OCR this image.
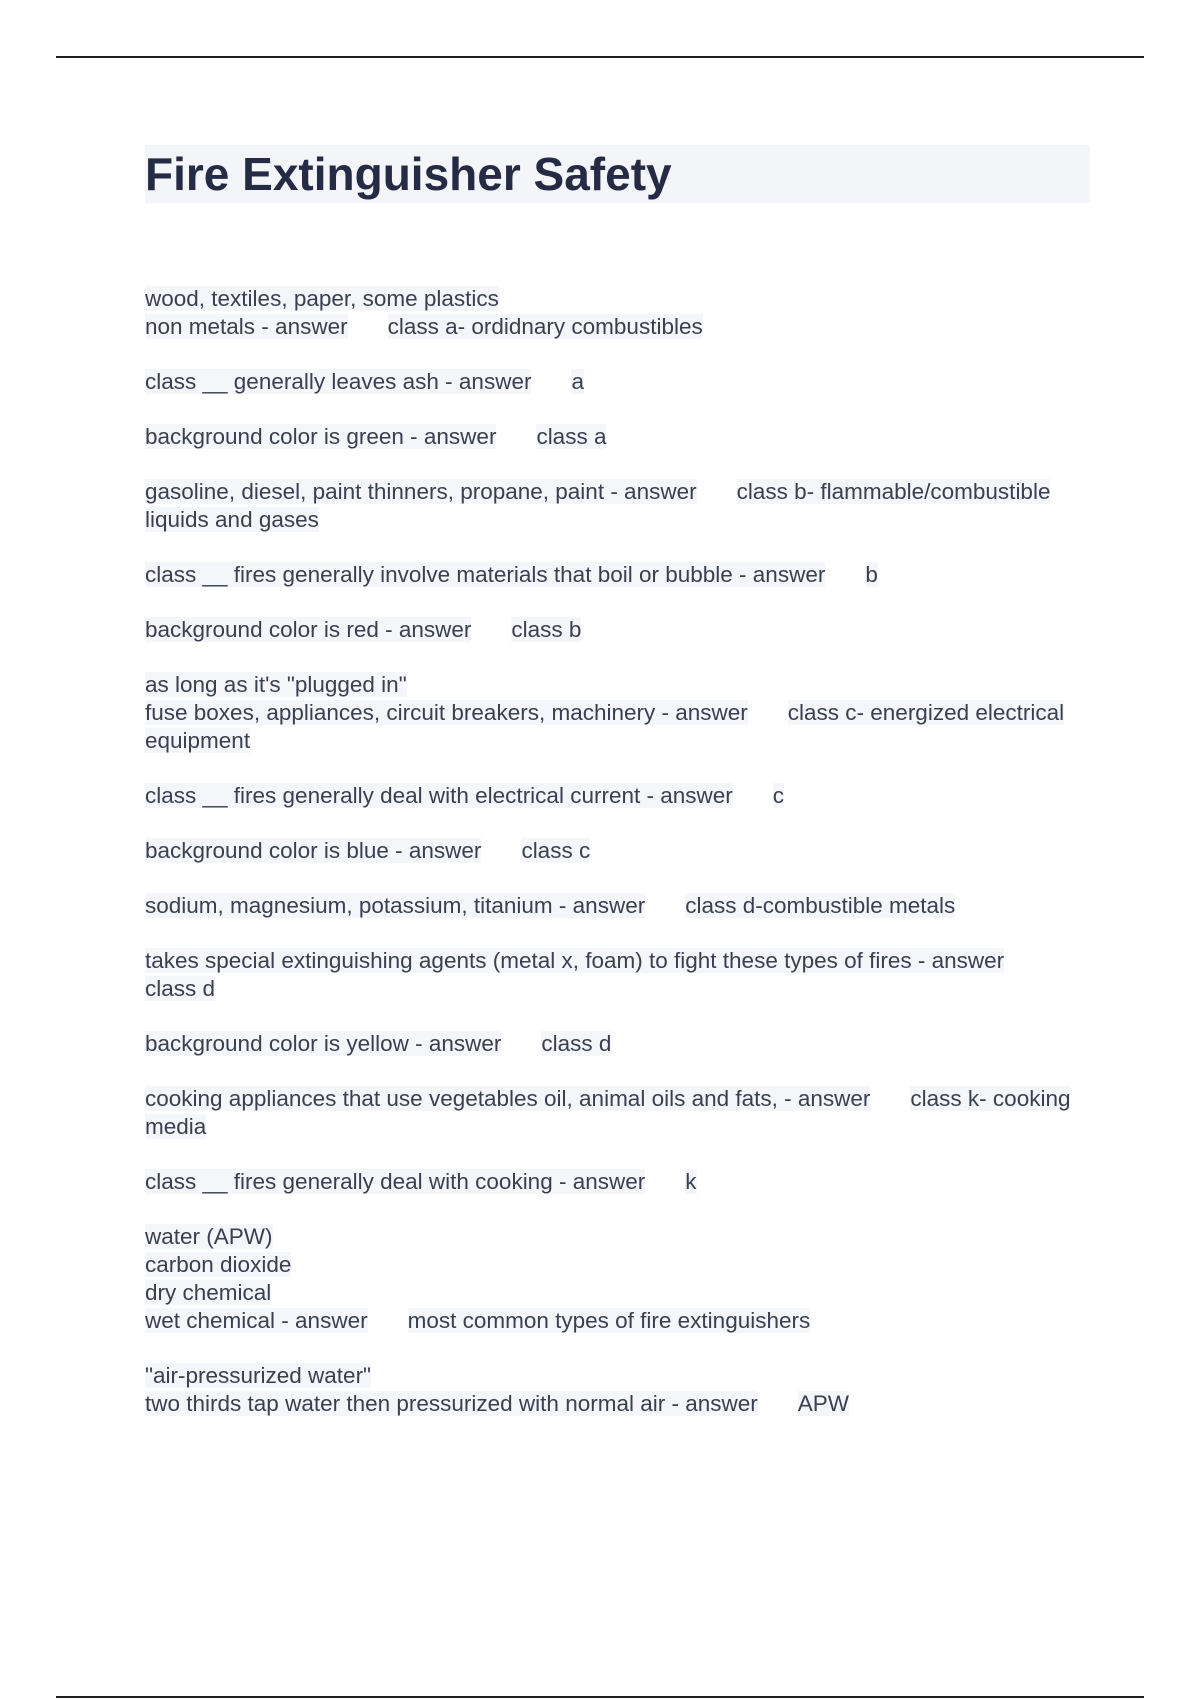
Fire Extinguisher Safety

wood, textiles, paper, some plastics
non metals - answer class a- ordidnary combustibles

class __ generally leaves ash - answer a

background color is green - answer class a

gasoline, diesel, paint thinners, propane, paint - answer class b- flammable/combustible liquids and gases

class __ fires generally involve materials that boil or bubble - answer b

background color is red - answer class b

as long as it's "plugged in"
fuse boxes, appliances, circuit breakers, machinery - answer class c- energized electrical equipment

class __ fires generally deal with electrical current - answer c

background color is blue - answer class c

sodium, magnesium, potassium, titanium - answer class d-combustible metals

takes special extinguishing agents (metal x, foam) to fight these types of fires - answerclass d

background color is yellow - answer class d

cooking appliances that use vegetables oil, animal oils and fats, - answer class k- cooking media

class __ fires generally deal with cooking - answer k

water (APW)
carbon dioxide
dry chemical
wet chemical - answer most common types of fire extinguishers

"air-pressurized water"
two thirds tap water then pressurized with normal air - answer APW
